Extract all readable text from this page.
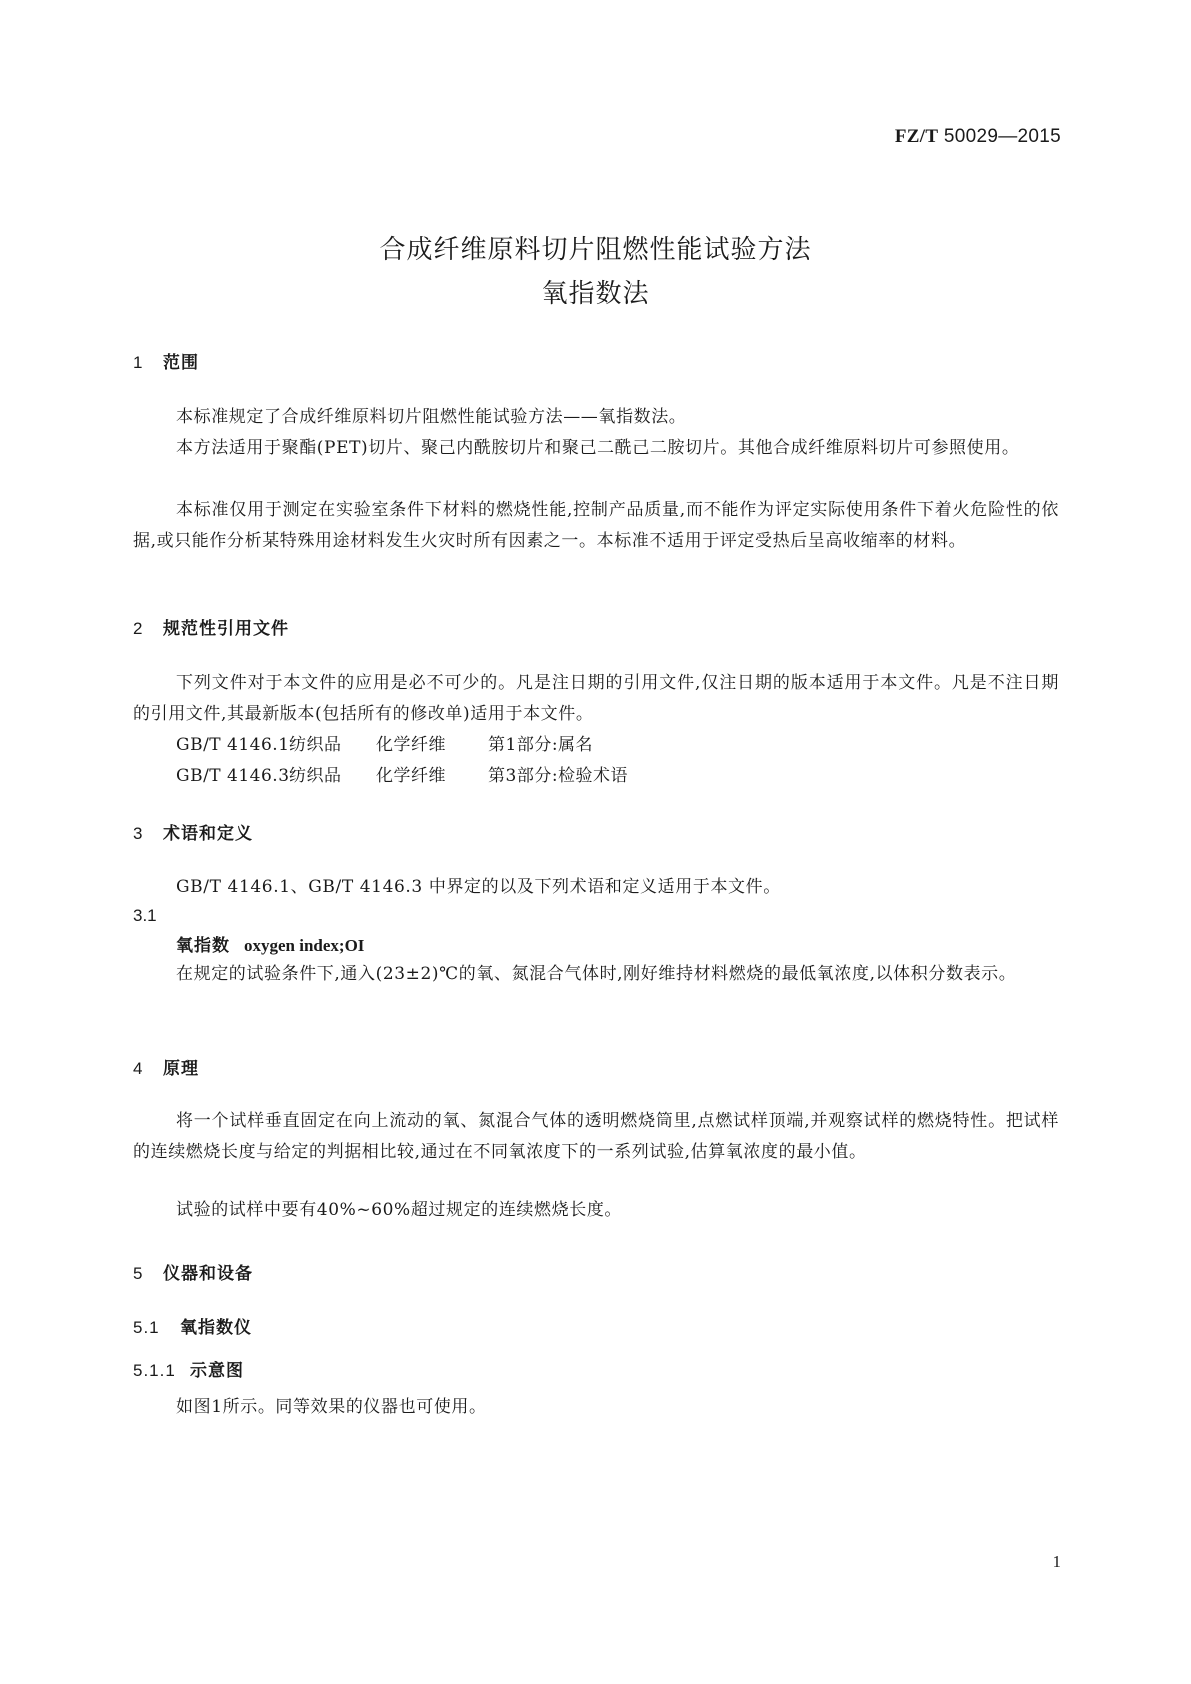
FZ/T 50029—2015
合成纤维原料切片阻燃性能试验方法
氧指数法
1 范围
本标准规定了合成纤维原料切片阻燃性能试验方法——氧指数法。
本方法适用于聚酯(PET)切片、聚己内酰胺切片和聚己二酰己二胺切片。其他合成纤维原料切片可参照使用。
本标准仅用于测定在实验室条件下材料的燃烧性能,控制产品质量,而不能作为评定实际使用条件下着火危险性的依据,或只能作分析某特殊用途材料发生火灾时所有因素之一。本标准不适用于评定受热后呈高收缩率的材料。
2 规范性引用文件
下列文件对于本文件的应用是必不可少的。凡是注日期的引用文件,仅注日期的版本适用于本文件。凡是不注日期的引用文件,其最新版本(包括所有的修改单)适用于本文件。
GB/T 4146.1纺织品 化学纤维 第1部分:属名
GB/T 4146.3纺织品 化学纤维 第3部分:检验术语
3 术语和定义
GB/T 4146.1、GB/T 4146.3 中界定的以及下列术语和定义适用于本文件。
3.1
氧指数 oxygen index;OI
在规定的试验条件下,通入(23±2)℃的氧、氮混合气体时,刚好维持材料燃烧的最低氧浓度,以体积分数表示。
4 原理
将一个试样垂直固定在向上流动的氧、氮混合气体的透明燃烧筒里,点燃试样顶端,并观察试样的燃烧特性。把试样的连续燃烧长度与给定的判据相比较,通过在不同氧浓度下的一系列试验,估算氧浓度的最小值。
试验的试样中要有40%~60%超过规定的连续燃烧长度。
5 仪器和设备
5.1 氧指数仪
5.1.1 示意图
如图1所示。同等效果的仪器也可使用。
1
